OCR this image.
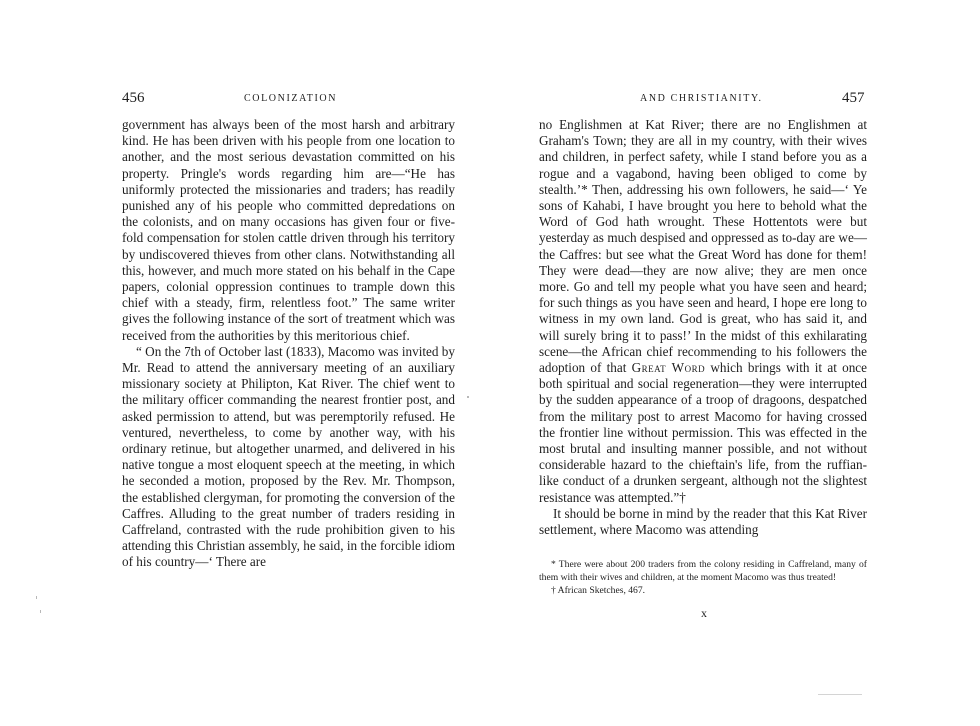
456	COLONIZATION

government has always been of the most harsh and arbitrary kind. He has been driven with his people from one location to another, and the most serious devastation committed on his property. Pringle's words regarding him are—“He has uniformly protected the missionaries and traders; has readily punished any of his people who committed depredations on the colonists, and on many occasions has given four or five-fold compensation for stolen cattle driven through his territory by undiscovered thieves from other clans. Notwithstanding all this, however, and much more stated on his behalf in the Cape papers, colonial oppression continues to trample down this chief with a steady, firm, relentless foot.” The same writer gives the following instance of the sort of treatment which was received from the authorities by this meritorious chief.

“ On the 7th of October last (1833), Macomo was invited by Mr. Read to attend the anniversary meeting of an auxiliary missionary society at Philipton, Kat River. The chief went to the military officer commanding the nearest frontier post, and asked permission to attend, but was peremptorily refused. He ventured, nevertheless, to come by another way, with his ordinary retinue, but altogether unarmed, and delivered in his native tongue a most eloquent speech at the meeting, in which he seconded a motion, proposed by the Rev. Mr. Thompson, the established clergyman, for promoting the conversion of the Caffres. Alluding to the great number of traders residing in Caffreland, contrasted with the rude prohibition given to his attending this Christian assembly, he said, in the forcible idiom of his country—‘ There are

AND CHRISTIANITY.	457

no Englishmen at Kat River; there are no Englishmen at Graham's Town; they are all in my country, with their wives and children, in perfect safety, while I stand before you as a rogue and a vagabond, having been obliged to come by stealth.’* Then, addressing his own followers, he said—‘ Ye sons of Kahabi, I have brought you here to behold what the Word of God hath wrought. These Hottentots were but yesterday as much despised and oppressed as to-day are we—the Caffres: but see what the Great Word has done for them! They were dead—they are now alive; they are men once more. Go and tell my people what you have seen and heard; for such things as you have seen and heard, I hope ere long to witness in my own land. God is great, who has said it, and will surely bring it to pass!’ In the midst of this exhilarating scene—the African chief recommending to his followers the adoption of that Great Word which brings with it at once both spiritual and social regeneration—they were interrupted by the sudden appearance of a troop of dragoons, despatched from the military post to arrest Macomo for having crossed the frontier line without permission. This was effected in the most brutal and insulting manner possible, and not without considerable hazard to the chieftain's life, from the ruffian-like conduct of a drunken sergeant, although not the slightest resistance was attempted.”†

It should be borne in mind by the reader that this Kat River settlement, where Macomo was attending

* There were about 200 traders from the colony residing in Caffreland, many of them with their wives and children, at the moment Macomo was thus treated!

† African Sketches, 467.

x
